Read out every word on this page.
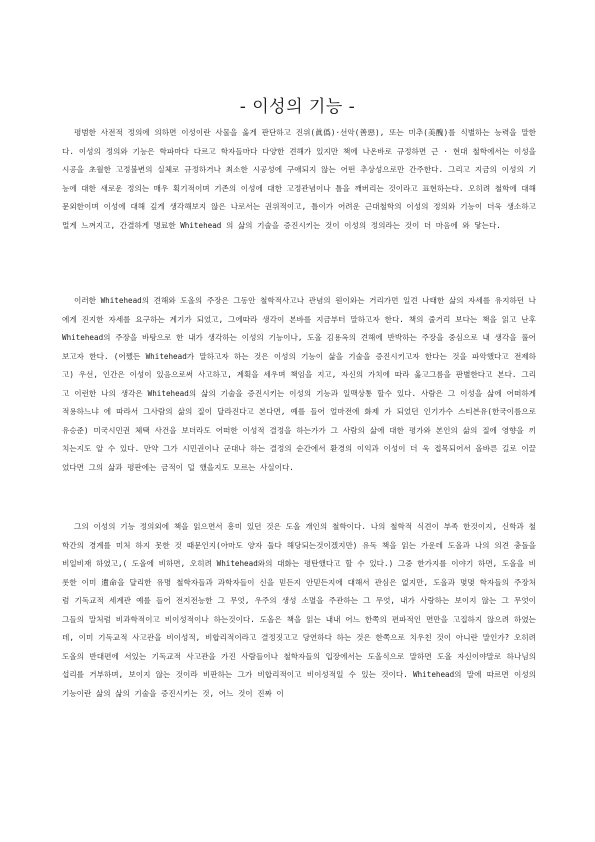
- 이성의 기능 -

평범한 사전적 정의에 의하면 이성이란 사물을 옳게 판단하고 진위(眞僞)·선악(善惡), 또는 미추(美醜)를 식별하는 능력을 말한다. 이성의 정의와 기능은 학파마다 다르고 학자들마다 다양한 견해가 있지만 책에 나온바로 규정하면 근 · 현대 철학에서는 이성을 시공을 초월한 고정불변의 실체로 규정하거나 최소한 시공성에 구애되지 않는 어떤 추상성으로만 간주한다. 그리고 지금의 이성의 기능에 대한 새로운 정의는 매우 획기적이며 기존의 이성에 대한 고정관념이나 틀을 깨버리는 것이라고 표현하는다. 오히려 철학에 대해 문외한이며 이성에 대해 깊게 생각해보지 않은 나로서는 권위적이고, 틀이가 어려운 근대철학의 이성의 정의와 기능이 더욱 생소하고 멀게 느껴지고, 간결하게 명료한 Whitehead 의 삶의 기술을 증진시키는 것이 이성의 정의라는 것이 더 마음에 와 닿는다.

이러한 Whitehead의 견해와 도올의 주장은 그동안 철학적사고나 관념의 원이와는 거리가먼 일견 나태한 삶의 자세를 유지하던 나에게 진지한 자세를 요구하는 계기가 되었고, 그에따라 생각이 본바를 지금부터 말하고자 한다. 책의 줄거리 보다는 책을 읽고 난후 Whitehead의 주장을 바탕으로 한 내가 생각하는 이성의 기능이나, 도올 김용옥의 견해에 반박하는 주장을 중심으로 내 생각을 풀어보고자 한다. (어쨌든 Whitehead가 말하고자 하는 것은 이성의 기능이 삶을 기술을 증진시키고자 한다는 것을 파악했다고 전제하고) 우선, 인간은 이성이 있음으로써 사고하고, 계획을 세우며 책임을 지고, 자신의 가치에 따라 옳고그름을 판별한다고 본다. 그리고 이런한 나의 생각은 Whitehead의 삶의 기술을 증진시키는 이성의 기능과 일맥상통 할수 있다. 사람은 그 이성을 삶에 어떠하게 적용하느냐 에 따라서 그사람의 삶의 질이 달라진다고 본다면, 예를 들어 얼마전에 화제 가 되었던 인기가수 스티븐유(한국이름으로 유승준) 미국시민권 체택 사건을 보더라도 어떠한 이성적 결정을 하는가가 그 사람의 삶에 대한 평가와 본인의 삶의 질에 영향을 끼치는지도 알 수 있다. 만약 그가 시민권이나 군대나 하는 결정의 순간에서 환경의 이익과 이성이 더 욱 접목되어서 올바른 길로 이끌었다면 그의 삶과 평판에는 금적이 덜 했을지도 모르는 사실이다.

그의 이성의 기능 정의외에 책을 읽으면서 흥미 있던 것은 도올 개인의 철학이다. 나의 철학적 식견이 부족 한것이지, 신학과 철학간의 경계를 미처 하지 못한 것 때문인지(아마도 양자 둘다 해당되는것이겠지만) 유독 책을 읽는 가운데 도올과 나의 의견 충돌을 비일비재 하였고,( 도올에 비하면, 오히려 Whitehead와의 대화는 평탄했다고 할 수 있다.) 그중 한가지를 이야기 하면, 도올을 비롯한 이미 遺命을 달리한 유명 철학자들과 과학자들이 신을 믿든지 안믿든지에 대해서 관심은 없지만, 도올과 몇몇 학자들의 주장처럼 기독교적 세계관 예를 들어 전지전능한 그 무엇, 우주의 생성 소멸을 주관하는 그 무엇, 내가 사랑하는 보이지 않는 그 무엇이 그들의 말처럼 비과학적이고 비이성적이나 하는것이다. 도올은 책을 읽는 내내 어느 한쪽의 편파적인 면만을 고집하지 않으려 하였는데, 이미 기독교적 사고관을 비이성적, 비합리적이라고 결정짓고고 당연하다 하는 것은 한쪽으로 치우친 것이 아니란 말인가? 오히려 도올의 반대편에 서있는 기독교적 사고관을 가진 사람들이나 철학자들의 입장에서는 도올식으로 말하면 도올 자신이야말로 하나님의 섭리를 거부하며, 보이지 않는 것이라 비판하는 그가 비합리적이고 비이성적일 수 있는 것이다. Whitehead의 말에 따르면 이성의 기능이란 삶의 삶의 기술을 증진시키는 것, 어느 것이 진짜 이
